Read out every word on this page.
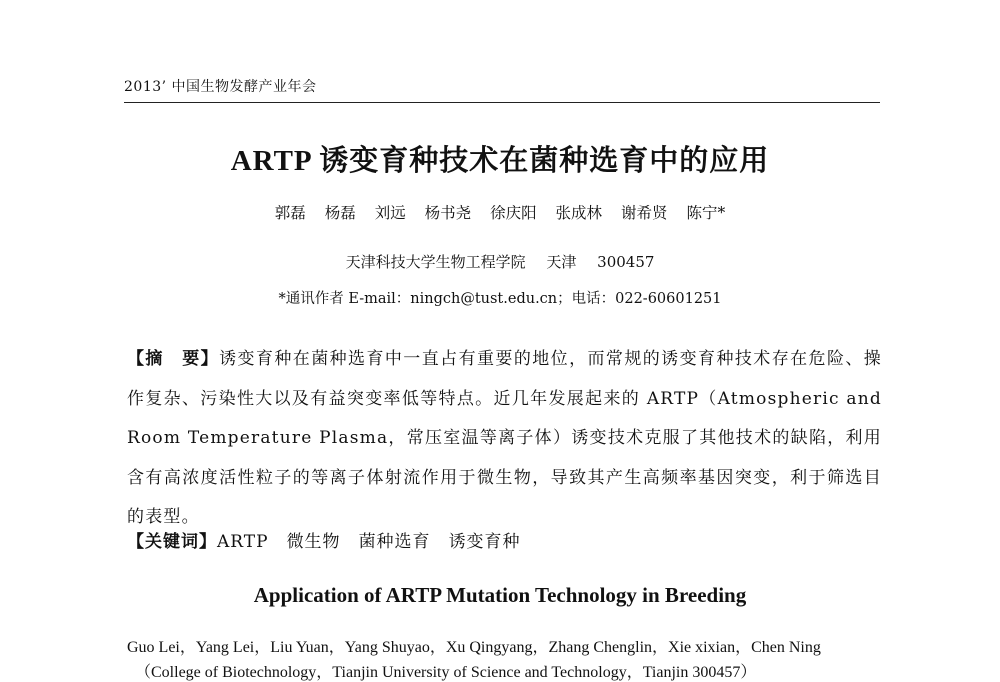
2013’ 中国生物发酵产业年会
ARTP 诱变育种技术在菌种选育中的应用
郭磊 杨磊 刘远 杨书尧 徐庆阳 张成林 谢希贤 陈宁*
天津科技大学生物工程学院 天津 300457
*通讯作者 E-mail：ningch@tust.edu.cn；电话：022-60601251
【摘　要】诱变育种在菌种选育中一直占有重要的地位，而常规的诱变育种技术存在危险、操作复杂、污染性大以及有益突变率低等特点。近几年发展起来的 ARTP（Atmospheric and Room Temperature Plasma，常压室温等离子体）诱变技术克服了其他技术的缺陷，利用含有高浓度活性粒子的等离子体射流作用于微生物，导致其产生高频率基因突变，利于筛选目的表型。
【关键词】ARTP 微生物 菌种选育 诱变育种
Application of ARTP Mutation Technology in Breeding
Guo Lei，Yang Lei，Liu Yuan，Yang Shuyao，Xu Qingyang，Zhang Chenglin，Xie xixian，Chen Ning
（College of Biotechnology，Tianjin University of Science and Technology，Tianjin 300457）
